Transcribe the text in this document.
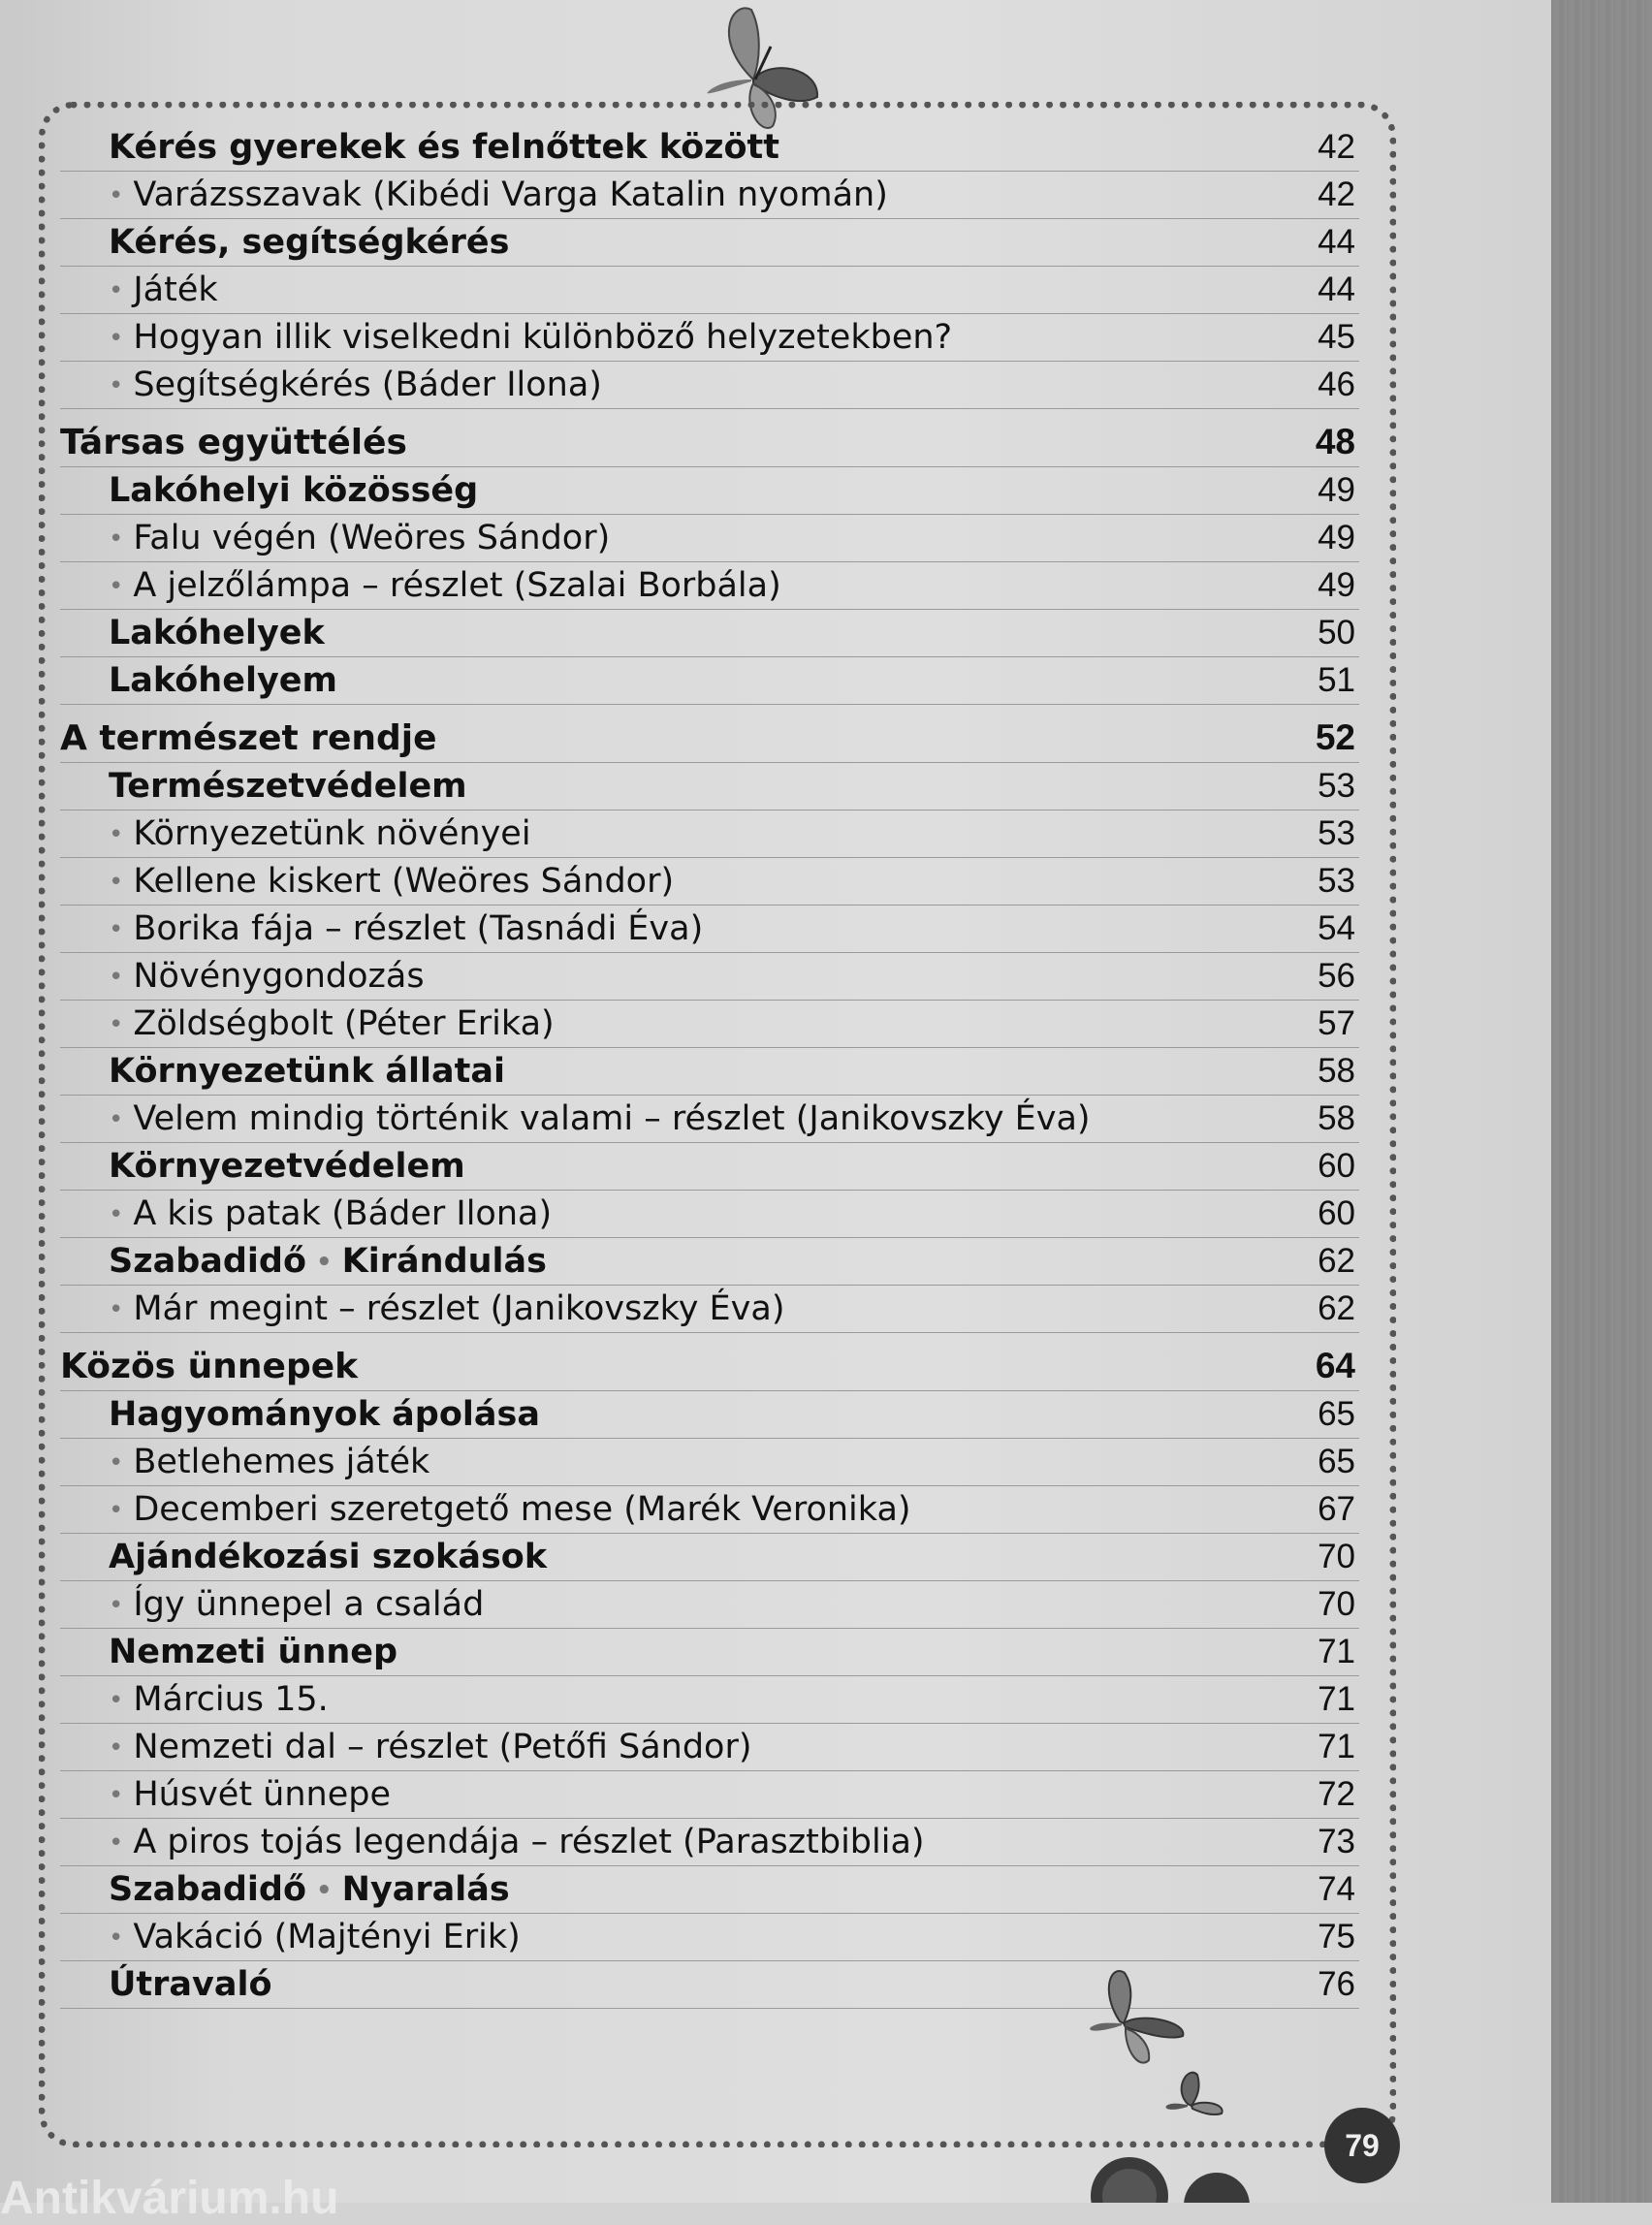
Kérés gyerekek és felnőttek között	42
• Varázsszavak (Kibédi Varga Katalin nyomán)	42
Kérés, segítségkérés	44
• Játék	44
• Hogyan illik viselkedni különböző helyzetekben?	45
• Segítségkérés (Báder Ilona)	46
Társas együttélés	48
Lakóhelyi közösség	49
• Falu végén (Weöres Sándor)	49
• A jelzőlámpa – részlet (Szalai Borbála)	49
Lakóhelyek	50
Lakóhelyem	51
A természet rendje	52
Természetvédelem	53
• Környezetünk növényei	53
• Kellene kiskert (Weöres Sándor)	53
• Borika fája – részlet (Tasnádi Éva)	54
• Növénygondozás	56
• Zöldségbolt (Péter Erika)	57
Környezetünk állatai	58
• Velem mindig történik valami – részlet (Janikovszky Éva)	58
Környezetvédelem	60
• A kis patak (Báder Ilona)	60
Szabadidő • Kirándulás	62
• Már megint – részlet (Janikovszky Éva)	62
Közös ünnepek	64
Hagyományok ápolása	65
• Betlehemes játék	65
• Decemberi szeretgető mese (Marék Veronika)	67
Ajándékozási szokások	70
• Így ünnepel a család	70
Nemzeti ünnep	71
• Március 15.	71
• Nemzeti dal – részlet (Petőfi Sándor)	71
• Húsvét ünnepe	72
• A piros tojás legendája – részlet (Parasztbiblia)	73
Szabadidő • Nyaralás	74
• Vakáció (Majtényi Erik)	75
Útravaló	76
79
Antikvárium.hu
